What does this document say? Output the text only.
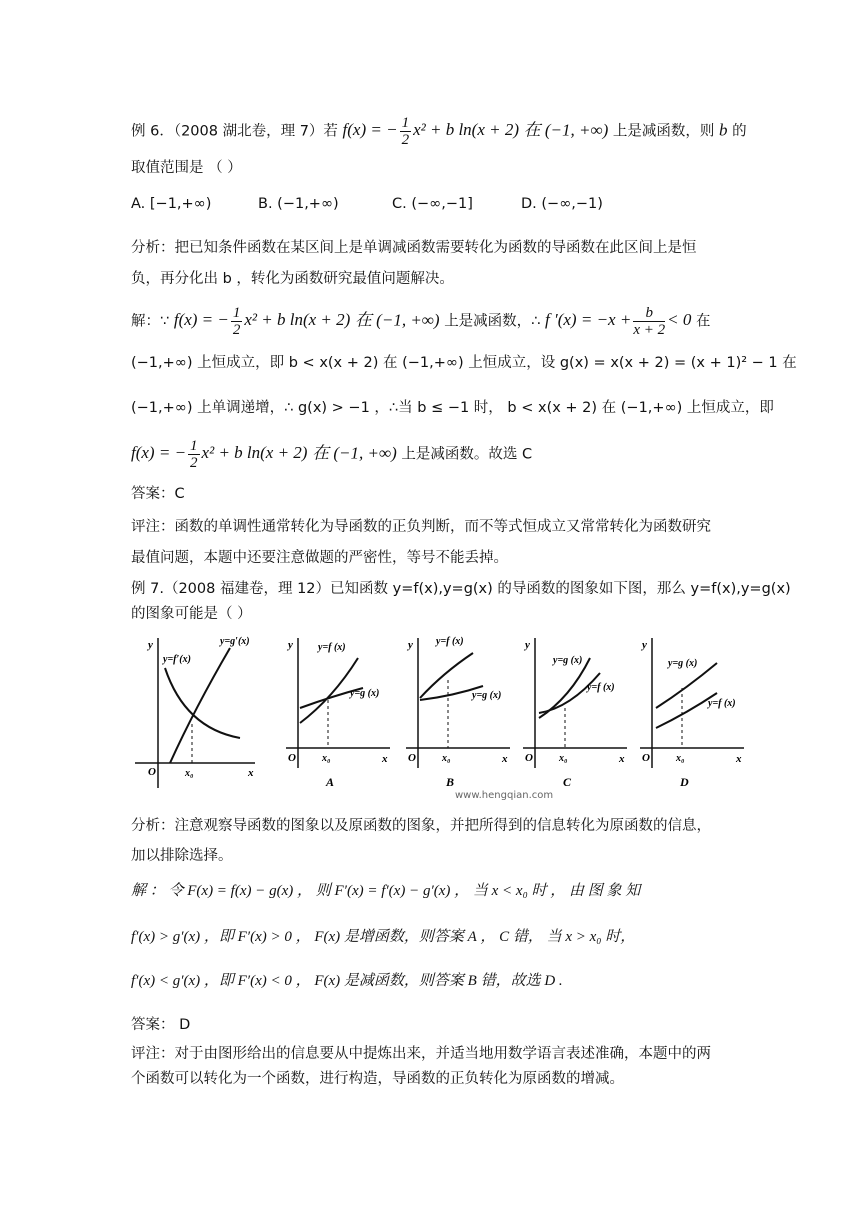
例 6．（2008 湖北卷，理 7）若 f(x) = − $\frac{1}{2} x^2 + b$ ln(x + 2) 在 (−1, +∞) 上是减函数，则 b 的
取值范围是 （ ）
A. [−1,+∞)	B. (−1,+∞)	C. (−∞,−1]	D. (−∞,−1)
分析：把已知条件函数在某区间上是单调减函数需要转化为函数的导函数在此区间上是恒
负，再分化出 b ，转化为函数研究最值问题解决。
解：∵ f(x) = − $\frac{1}{2} x^2 + b$ ln(x + 2) 在 (−1, +∞) 上是减函数，∴ f $'(x) = -x + \frac{b}{x + 2} < 0$ 在
(−1,+∞) 上恒成立，即 b < x(x + 2) 在 (−1,+∞) 上恒成立，设 g(x) = x(x + 2) = (x + 1)² − 1 在
(−1,+∞) 上单调递增，∴ g(x) > −1 ，∴当 b ≤ −1 时， b < x(x + 2) 在 (−1,+∞) 上恒成立，即
f(x) = − $\frac{1}{2} x^2 + b$ ln(x + 2) 在 (−1, +∞) 上是减函数。故选 C
答案：C
评注：函数的单调性通常转化为导函数的正负判断，而不等式恒成立又常常转化为函数研究
最值问题，本题中还要注意做题的严密性，等号不能丢掉。
例 7.（2008 福建卷，理 12）已知函数 y=f(x),y=g(x) 的导函数的图象如下图，那么 y=f(x),y=g(x)
的图象可能是（ ）
y
O	x
x₀
y=f′(x)
y=g′(x)	y
O	x
x₀
y=f (x)
y=g (x)
A
y
O	x
x₀
y=f (x)
y=g (x)
B
y
O	x
x₀
y=g (x)
y=f (x)
C
y
O	x
x₀
y=g (x)
y=f (x)
D
www.hengqian.com
分析：注意观察导函数的图象以及原函数的图象，并把所得到的信息转化为原函数的信息，
加以排除选择。
解 ： 令 F(x) = f(x) − g(x) ， 则 F′(x) = f′(x) − g′(x) ， 当 x < x₀ 时 ， 由 图 象 知
f′(x) > g′(x) ，即 F′(x) > 0 ， F(x) 是增函数，则答案 A ， C 错， 当 x > x₀ 时，
f′(x) < g′(x) ，即 F′(x) < 0 ， F(x) 是减函数，则答案 B 错，故选 D .
答案： D
评注：对于由图形给出的信息要从中提炼出来，并适当地用数学语言表述准确，本题中的两
个函数可以转化为一个函数，进行构造，导函数的正负转化为原函数的增减。
